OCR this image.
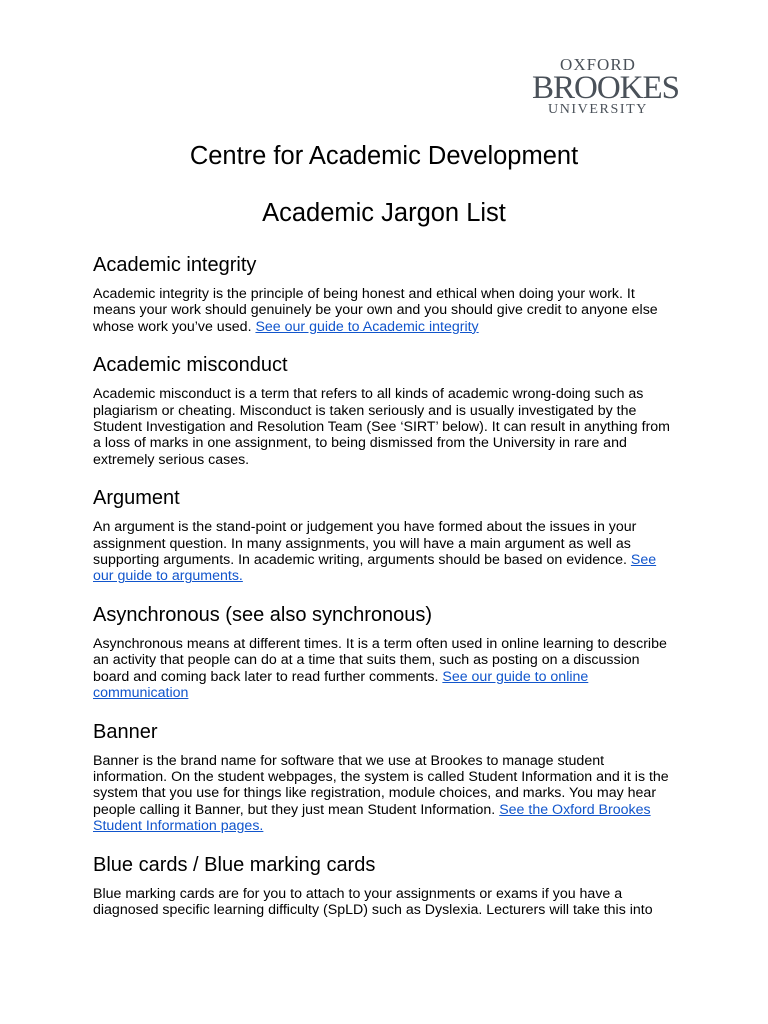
OXFORD
BROOKES
UNIVERSITY
Centre for Academic Development
Academic Jargon List
Academic integrity

Academic integrity is the principle of being honest and ethical when doing your work. It means your work should genuinely be your own and you should give credit to anyone else whose work you’ve used. See our guide to Academic integrity

Academic misconduct

Academic misconduct is a term that refers to all kinds of academic wrong-doing such as plagiarism or cheating. Misconduct is taken seriously and is usually investigated by the Student Investigation and Resolution Team (See ‘SIRT’ below). It can result in anything from a loss of marks in one assignment, to being dismissed from the University in rare and extremely serious cases.

Argument

An argument is the stand-point or judgement you have formed about the issues in your assignment question. In many assignments, you will have a main argument as well as supporting arguments. In academic writing, arguments should be based on evidence. See our guide to arguments.

Asynchronous (see also synchronous)

Asynchronous means at different times. It is a term often used in online learning to describe an activity that people can do at a time that suits them, such as posting on a discussion board and coming back later to read further comments. See our guide to online communication

Banner

Banner is the brand name for software that we use at Brookes to manage student information. On the student webpages, the system is called Student Information and it is the system that you use for things like registration, module choices, and marks. You may hear people calling it Banner, but they just mean Student Information. See the Oxford Brookes Student Information pages.

Blue cards / Blue marking cards

Blue marking cards are for you to attach to your assignments or exams if you have a diagnosed specific learning difficulty (SpLD) such as Dyslexia. Lecturers will take this into
